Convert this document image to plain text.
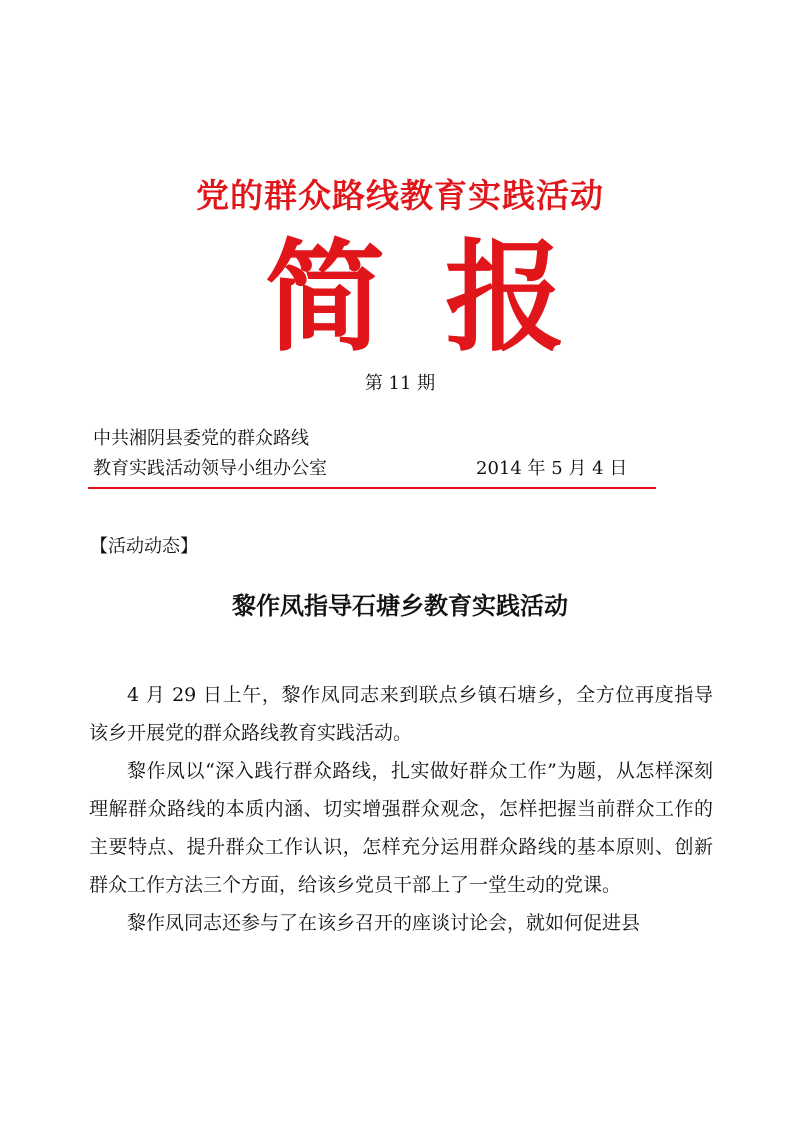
党的群众路线教育实践活动
简 报
第 11 期
中共湘阴县委党的群众路线
教育实践活动领导小组办公室	2014 年 5 月 4 日
【活动动态】
黎作凤指导石塘乡教育实践活动

4 月 29 日上午，黎作凤同志来到联点乡镇石塘乡，全方位再度指导该乡开展党的群众路线教育实践活动。

黎作凤以“深入践行群众路线，扎实做好群众工作”为题，从怎样深刻理解群众路线的本质内涵、切实增强群众观念，怎样把握当前群众工作的主要特点、提升群众工作认识，怎样充分运用群众路线的基本原则、创新群众工作方法三个方面，给该乡党员干部上了一堂生动的党课。

黎作凤同志还参与了在该乡召开的座谈讨论会，就如何促进县
